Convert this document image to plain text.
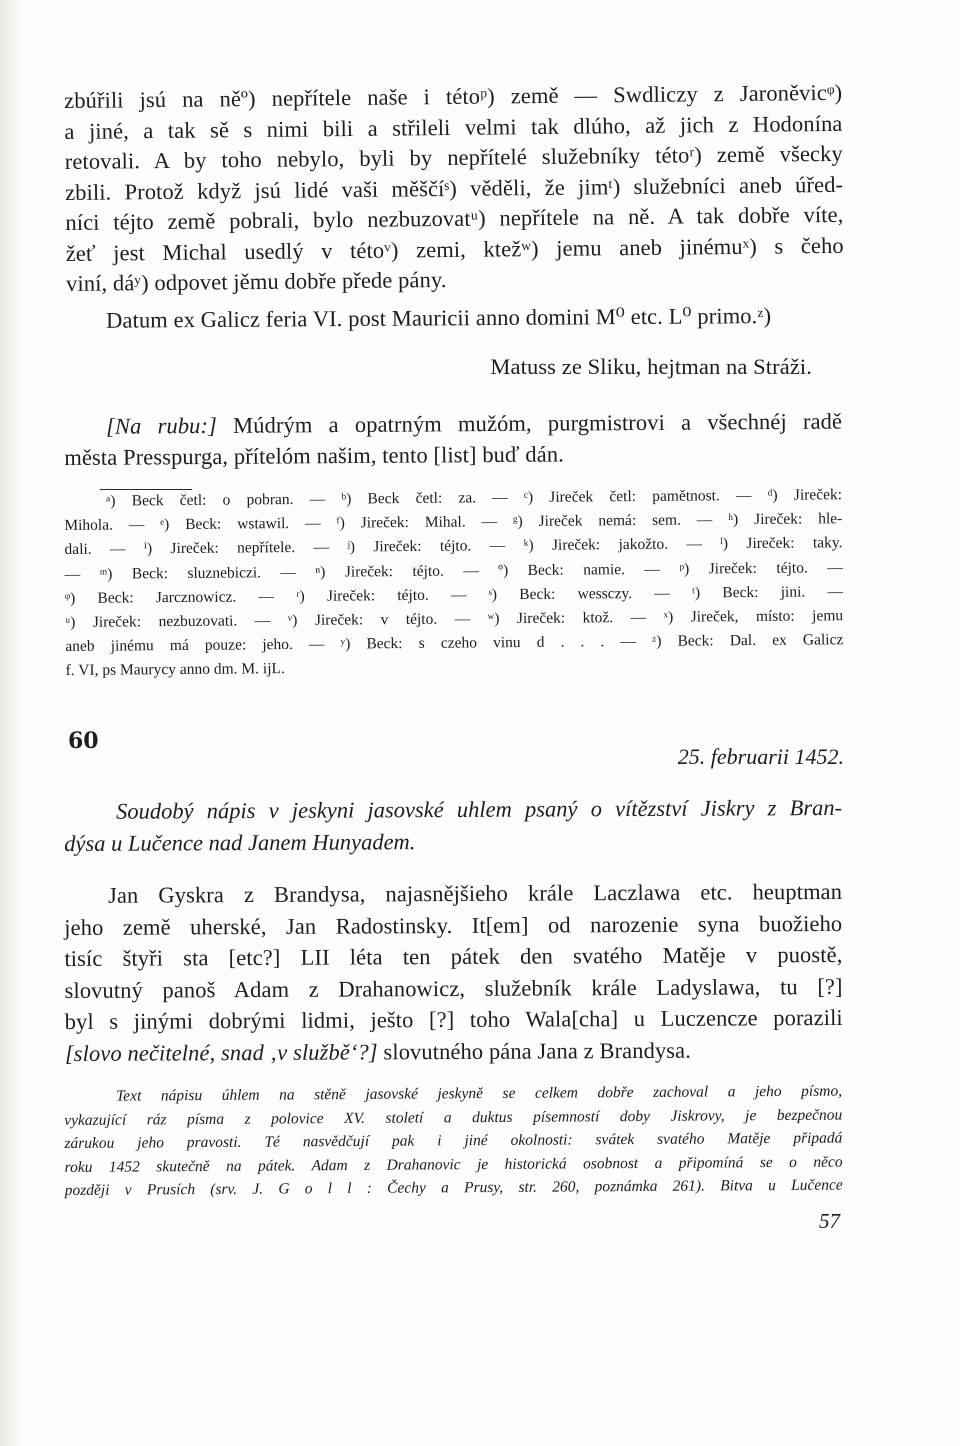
zbúřili jsú na něº) nepřítele naše i tétoᵖ) země — Swdliczy z Jaroněvicᵠ)
a jiné, a tak sě s nimi bili a střileli velmi tak dlúho, až jich z Hodonína
retovali. A by toho nebylo, byli by nepřítelé služebníky tétoʳ) země všecky
zbili. Protož když jsú lidé vaši měščíˢ) věděli, že jimᵗ) služebníci aneb úřed-
níci téjto země pobrali, bylo nezbuzovatᵘ) nepřítele na ně. A tak dobře víte,
žeť jest Michal usedlý v tétoᵛ) zemi, ktežʷ) jemu aneb jinémuˣ) s čeho
viní, dáʸ) odpovet jěmu dobře přede pány.
Datum ex Galicz feria VI. post Mauricii anno domini M⁰ etc. L⁰ primo.ᶻ)
Matuss ze Sliku, hejtman na Stráži.
[Na rubu:] Múdrým a opatrným mužóm, purgmistrovi a všechnéj radě
města Presspurga, přítelóm našim, tento [list] buď dán.
ᵃ) Beck četl: o pobran. — ᵇ) Beck četl: za. — ᶜ) Jireček četl: pamětnost. — ᵈ) Jireček:
Mihola. — ᵉ) Beck: wstawil. — ᶠ) Jireček: Mihal. — ᵍ) Jireček nemá: sem. — ʰ) Jireček: hle-
dali. — ⁱ) Jireček: nepřítele. — ʲ) Jireček: téjto. — ᵏ) Jireček: jakožto. — ˡ) Jireček: taky.
— ᵐ) Beck: sluznebiczi. — ⁿ) Jireček: téjto. — º) Beck: namie. — ᵖ) Jireček: téjto. —
ᵠ) Beck: Jarcznowicz. — ʳ) Jireček: téjto. — ˢ) Beck: wessczy. — ᵗ) Beck: jini. —
ᵘ) Jireček: nezbuzovati. — ᵛ) Jireček: v téjto. — ʷ) Jireček: ktož. — ˣ) Jireček, místo: jemu
aneb jinému má pouze: jeho. — ʸ) Beck: s czeho vinu d . . . — ᶻ) Beck: Dal. ex Galicz
f. VI, ps Maurycy anno dm. M. ijL.
60
25. februarii 1452.
Soudobý nápis v jeskyni jasovské uhlem psaný o vítězství Jiskry z Bran-
dýsa u Lučence nad Janem Hunyadem.
Jan Gyskra z Brandysa, najasnějšieho krále Laczlawa etc. heuptman
jeho země uherské, Jan Radostinsky. It[em] od narozenie syna buožieho
tisíc štyři sta [etc?] LII léta ten pátek den svatého Matěje v puostě,
slovutný panoš Adam z Drahanowicz, služebník krále Ladyslawa, tu [?]
byl s jinými dobrými lidmi, ješto [?] toho Wala[cha] u Luczencze porazili
[slovo nečitelné, snad ‚v službě‘?] slovutného pána Jana z Brandysa.
Text nápisu úhlem na stěně jasovské jeskyně se celkem dobře zachoval a jeho písmo,
vykazující ráz písma z polovice XV. století a duktus písemností doby Jiskrovy, je bezpečnou
zárukou jeho pravosti. Té nasvědčují pak i jiné okolnosti: svátek svatého Matěje připadá
roku 1452 skutečně na pátek. Adam z Drahanovic je historická osobnost a připomíná se o něco
později v Prusích (srv. J. G o l l : Čechy a Prusy, str. 260, poznámka 261). Bitva u Lučence
57
